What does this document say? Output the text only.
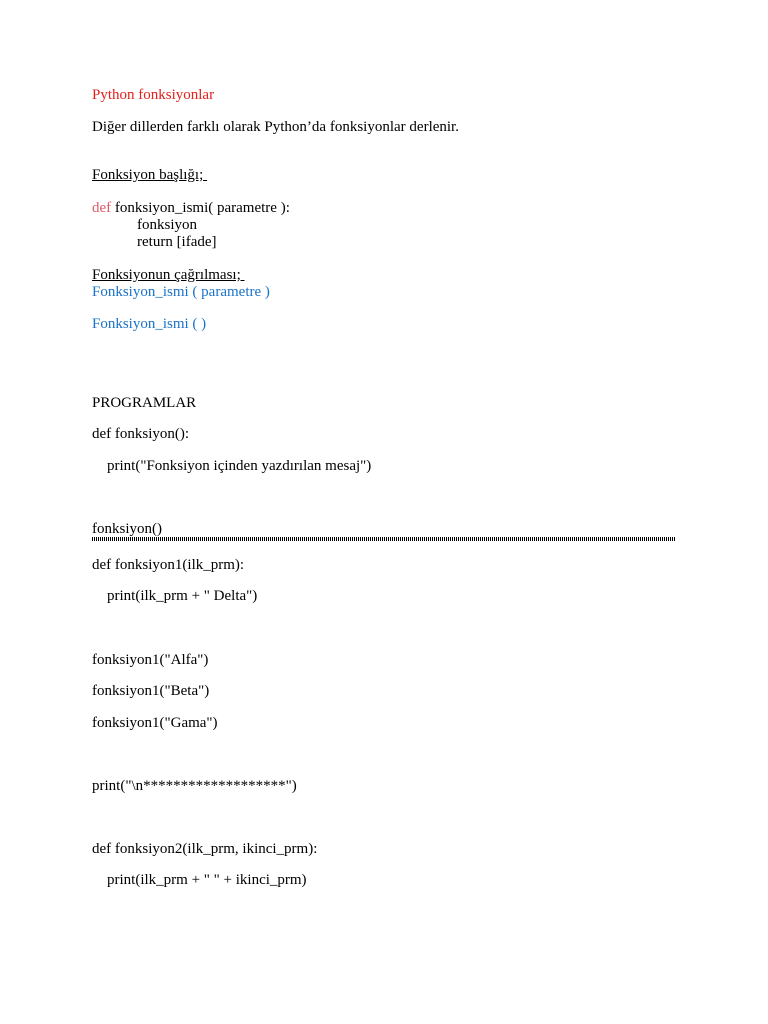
Python fonksiyonlar
Diğer dillerden farklı olarak Python’da fonksiyonlar derlenir.
Fonksiyon başlığı;
def fonksiyon_ismi( parametre ):
fonksiyon
return [ifade]
Fonksiyonun çağrılması;
Fonksiyon_ismi ( parametre )
Fonksiyon_ismi ( )
PROGRAMLAR
def fonksiyon():
print("Fonksiyon içinden yazdırılan mesaj")
fonksiyon()
def fonksiyon1(ilk_prm):
print(ilk_prm + " Delta")
fonksiyon1("Alfa")
fonksiyon1("Beta")
fonksiyon1("Gama")
print("\n*******************")
def fonksiyon2(ilk_prm, ikinci_prm):
print(ilk_prm + " " + ikinci_prm)
